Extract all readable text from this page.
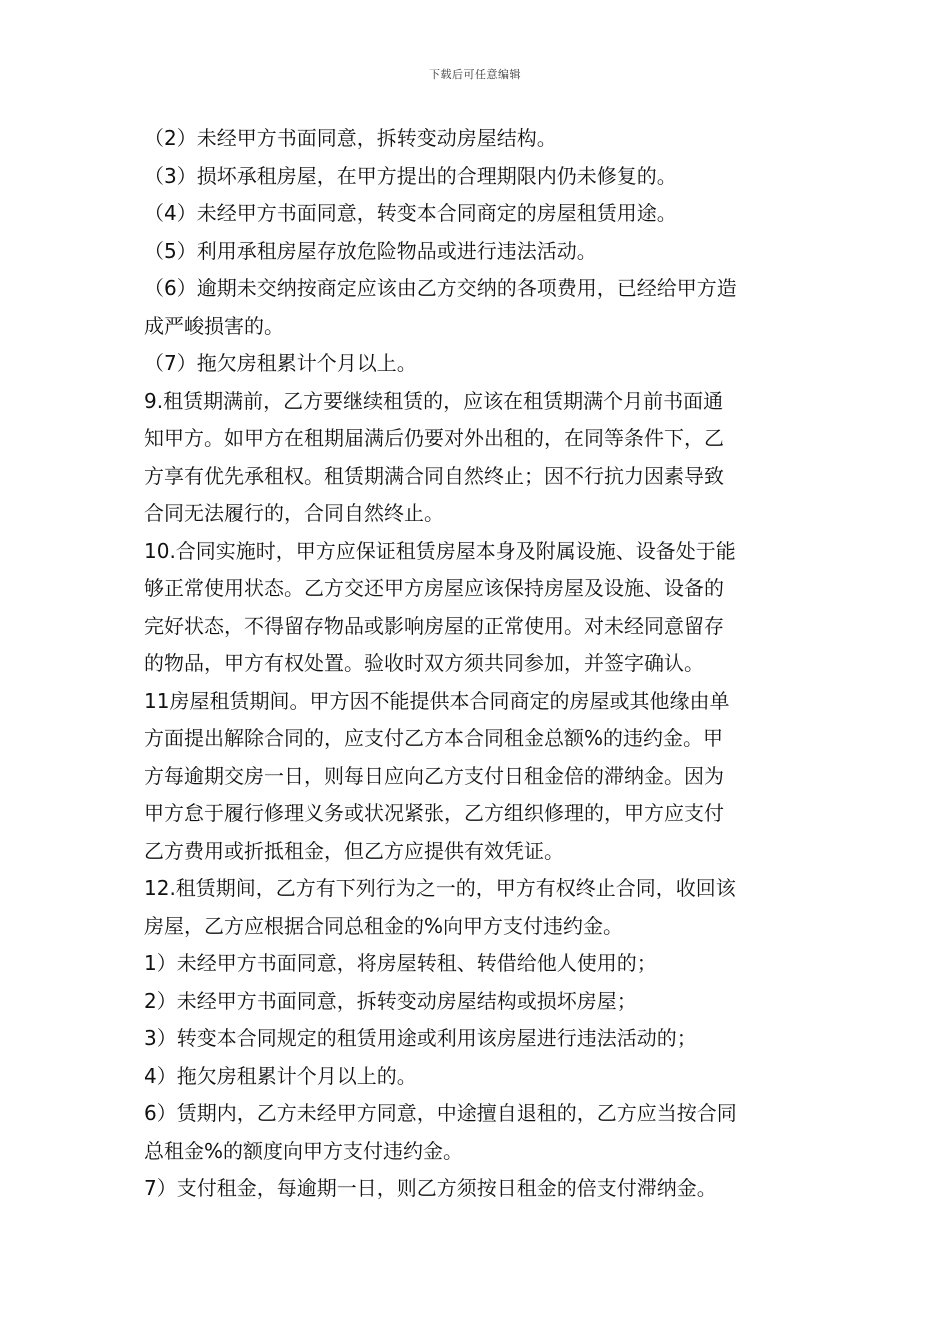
下载后可任意编辑
（2）未经甲方书面同意，拆转变动房屋结构。
（3）损坏承租房屋，在甲方提出的合理期限内仍未修复的。
（4）未经甲方书面同意，转变本合同商定的房屋租赁用途。
（5）利用承租房屋存放危险物品或进行违法活动。
（6）逾期未交纳按商定应该由乙方交纳的各项费用，已经给甲方造
成严峻损害的。
（7）拖欠房租累计个月以上。
9.租赁期满前，乙方要继续租赁的，应该在租赁期满个月前书面通
知甲方。如甲方在租期届满后仍要对外出租的，在同等条件下，乙
方享有优先承租权。租赁期满合同自然终止；因不行抗力因素导致
合同无法履行的，合同自然终止。
10.合同实施时，甲方应保证租赁房屋本身及附属设施、设备处于能
够正常使用状态。乙方交还甲方房屋应该保持房屋及设施、设备的
完好状态，不得留存物品或影响房屋的正常使用。对未经同意留存
的物品，甲方有权处置。验收时双方须共同参加，并签字确认。
11房屋租赁期间。甲方因不能提供本合同商定的房屋或其他缘由单
方面提出解除合同的，应支付乙方本合同租金总额%的违约金。甲
方每逾期交房一日，则每日应向乙方支付日租金倍的滞纳金。因为
甲方怠于履行修理义务或状况紧张，乙方组织修理的，甲方应支付
乙方费用或折抵租金，但乙方应提供有效凭证。
12.租赁期间，乙方有下列行为之一的，甲方有权终止合同，收回该
房屋，乙方应根据合同总租金的%向甲方支付违约金。
1）未经甲方书面同意，将房屋转租、转借给他人使用的；
2）未经甲方书面同意，拆转变动房屋结构或损坏房屋；
3）转变本合同规定的租赁用途或利用该房屋进行违法活动的；
4）拖欠房租累计个月以上的。
6）赁期内，乙方未经甲方同意，中途擅自退租的，乙方应当按合同
总租金%的额度向甲方支付违约金。
7）支付租金，每逾期一日，则乙方须按日租金的倍支付滞纳金。
